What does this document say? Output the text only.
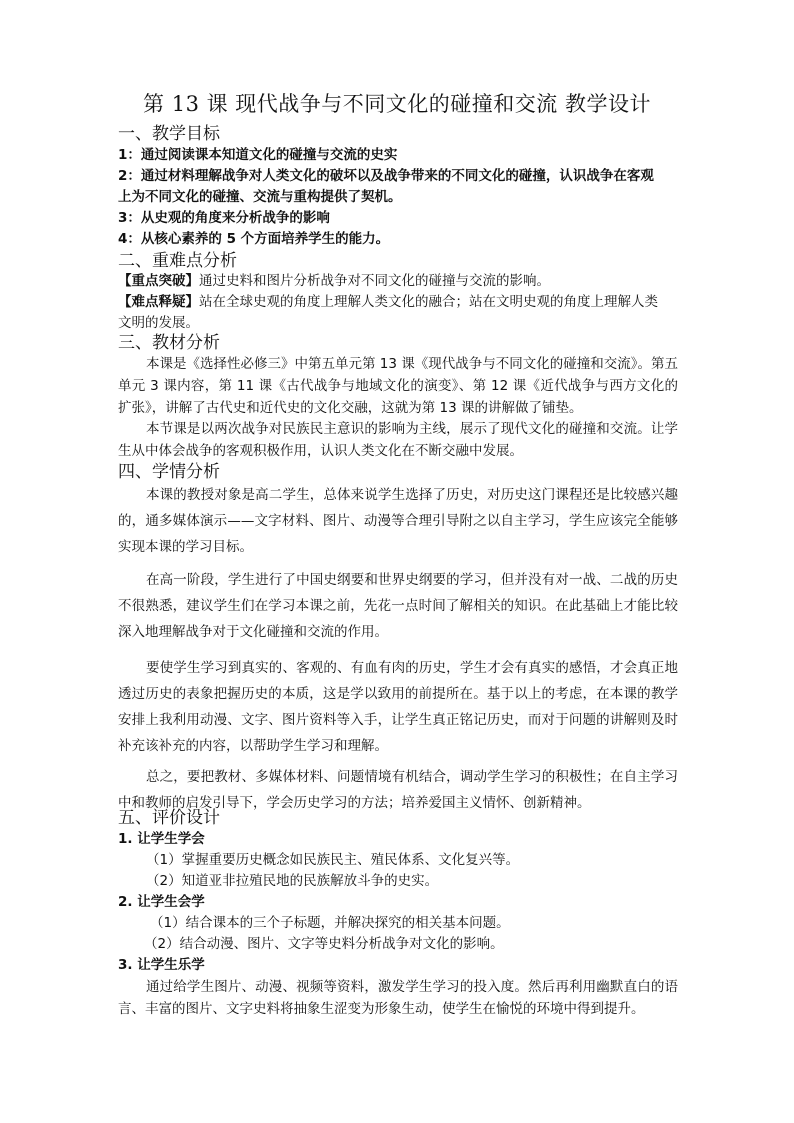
第 13 课 现代战争与不同文化的碰撞和交流 教学设计
一、教学目标
1：通过阅读课本知道文化的碰撞与交流的史实
2：通过材料理解战争对人类文化的破坏以及战争带来的不同文化的碰撞，认识战争在客观
上为不同文化的碰撞、交流与重构提供了契机。
3：从史观的角度来分析战争的影响
4：从核心素养的 5 个方面培养学生的能力。
二、重难点分析
【重点突破】通过史料和图片分析战争对不同文化的碰撞与交流的影响。
【难点释疑】站在全球史观的角度上理解人类文化的融合；站在文明史观的角度上理解人类
文明的发展。
三、教材分析
本课是《选择性必修三》中第五单元第 13 课《现代战争与不同文化的碰撞和交流》。第五单元 3 课内容，第 11 课《古代战争与地域文化的演变》、第 12 课《近代战争与西方文化的扩张》，讲解了古代史和近代史的文化交融，这就为第 13 课的讲解做了铺垫。
本节课是以两次战争对民族民主意识的影响为主线，展示了现代文化的碰撞和交流。让学生从中体会战争的客观积极作用，认识人类文化在不断交融中发展。
四、学情分析
本课的教授对象是高二学生，总体来说学生选择了历史，对历史这门课程还是比较感兴趣的，通多媒体演示——文字材料、图片、动漫等合理引导附之以自主学习，学生应该完全能够实现本课的学习目标。
在高一阶段，学生进行了中国史纲要和世界史纲要的学习，但并没有对一战、二战的历史不很熟悉，建议学生们在学习本课之前，先花一点时间了解相关的知识。在此基础上才能比较深入地理解战争对于文化碰撞和交流的作用。
要使学生学习到真实的、客观的、有血有肉的历史，学生才会有真实的感悟，才会真正地透过历史的表象把握历史的本质，这是学以致用的前提所在。基于以上的考虑，在本课的教学安排上我利用动漫、文字、图片资料等入手，让学生真正铭记历史，而对于问题的讲解则及时补充该补充的内容，以帮助学生学习和理解。
总之，要把教材、多媒体材料、问题情境有机结合，调动学生学习的积极性；在自主学习中和教师的启发引导下，学会历史学习的方法；培养爱国主义情怀、创新精神。
五、评价设计
1. 让学生学会
（1）掌握重要历史概念如民族民主、殖民体系、文化复兴等。
（2）知道亚非拉殖民地的民族解放斗争的史实。
2. 让学生会学
（1）结合课本的三个子标题，并解决探究的相关基本问题。
（2）结合动漫、图片、文字等史料分析战争对文化的影响。
3. 让学生乐学
通过给学生图片、动漫、视频等资料，激发学生学习的投入度。然后再利用幽默直白的语言、丰富的图片、文字史料将抽象生涩变为形象生动，使学生在愉悦的环境中得到提升。
